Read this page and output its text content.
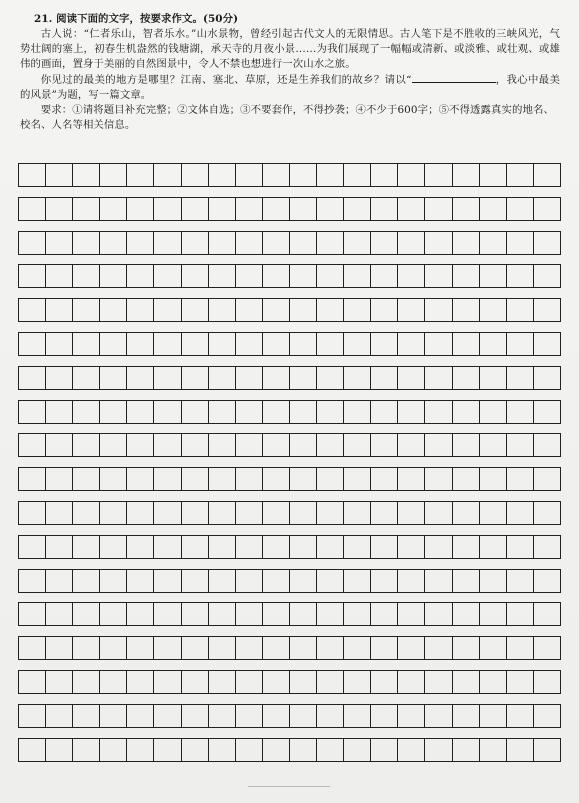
21. 阅读下面的文字，按要求作文。(50分)

古人说：“仁者乐山，智者乐水。”山水景物，曾经引起古代文人的无限情思。古人笔下是不胜收的三峡风光，气势壮阔的塞上，初春生机盎然的钱塘湖，承天寺的月夜小景……为我们展现了一幅幅或清新、或淡雅、或壮观、或雄伟的画面，置身于美丽的自然图景中，令人不禁也想进行一次山水之旅。

你见过的最美的地方是哪里？江南、塞北、草原，还是生养我们的故乡？请以“	，我心中最美的风景”为题，写一篇文章。

要求：①请将题目补充完整；②文体自选；③不要套作，不得抄袭；④不少于600字；⑤不得透露真实的地名、校名、人名等相关信息。
